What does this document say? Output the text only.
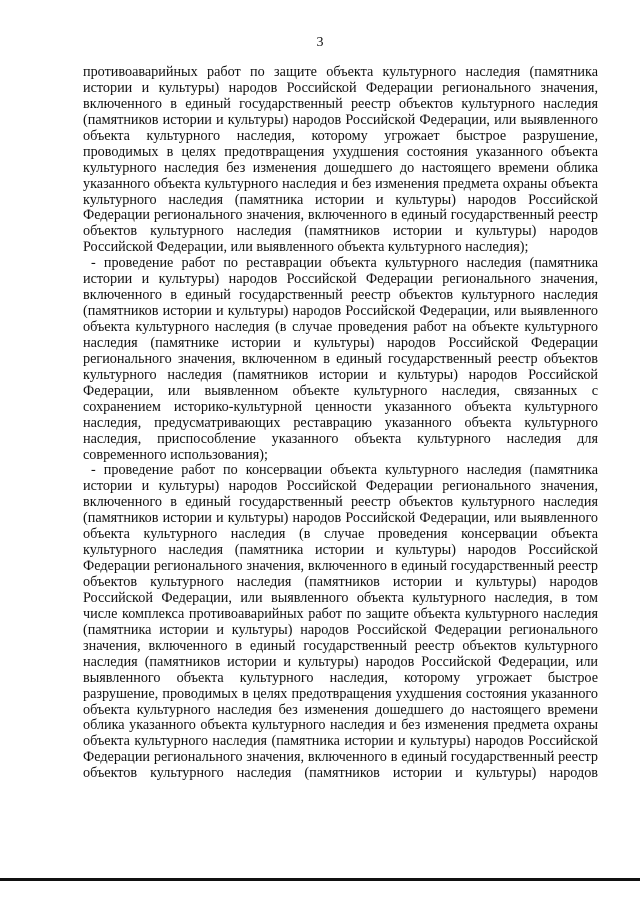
3
противоаварийных работ по защите объекта культурного наследия (памятника
истории и культуры) народов Российской Федерации регионального значения,
включенного в единый государственный реестр объектов культурного наследия
(памятников истории и культуры) народов Российской Федерации, или выявленного
объекта культурного наследия, которому угрожает быстрое разрушение,
проводимых в целях предотвращения ухудшения состояния указанного объекта
культурного наследия без изменения дошедшего до настоящего времени облика
указанного объекта культурного наследия и без изменения предмета охраны объекта
культурного наследия (памятника истории и культуры) народов Российской
Федерации регионального значения, включенного в единый государственный реестр
объектов культурного наследия (памятников истории и культуры) народов
Российской Федерации, или выявленного объекта культурного наследия);
- проведение работ по реставрации объекта культурного наследия (памятника
истории и культуры) народов Российской Федерации регионального значения,
включенного в единый государственный реестр объектов культурного наследия
(памятников истории и культуры) народов Российской Федерации, или выявленного
объекта культурного наследия (в случае проведения работ на объекте культурного
наследия (памятнике истории и культуры) народов Российской Федерации
регионального значения, включенном в единый государственный реестр объектов
культурного наследия (памятников истории и культуры) народов Российской
Федерации, или выявленном объекте культурного наследия, связанных с
сохранением историко-культурной ценности указанного объекта культурного
наследия, предусматривающих реставрацию указанного объекта культурного
наследия, приспособление указанного объекта культурного наследия для
современного использования);
- проведение работ по консервации объекта культурного наследия (памятника
истории и культуры) народов Российской Федерации регионального значения,
включенного в единый государственный реестр объектов культурного наследия
(памятников истории и культуры) народов Российской Федерации, или выявленного
объекта культурного наследия (в случае проведения консервации объекта
культурного наследия (памятника истории и культуры) народов Российской
Федерации регионального значения, включенного в единый государственный реестр
объектов культурного наследия (памятников истории и культуры) народов
Российской Федерации, или выявленного объекта культурного наследия, в том
числе комплекса противоаварийных работ по защите объекта культурного наследия
(памятника истории и культуры) народов Российской Федерации регионального
значения, включенного в единый государственный реестр объектов культурного
наследия (памятников истории и культуры) народов Российской Федерации, или
выявленного объекта культурного наследия, которому угрожает быстрое
разрушение, проводимых в целях предотвращения ухудшения состояния указанного
объекта культурного наследия без изменения дошедшего до настоящего времени
облика указанного объекта культурного наследия и без изменения предмета охраны
объекта культурного наследия (памятника истории и культуры) народов Российской
Федерации регионального значения, включенного в единый государственный реестр
объектов культурного наследия (памятников истории и культуры) народов
